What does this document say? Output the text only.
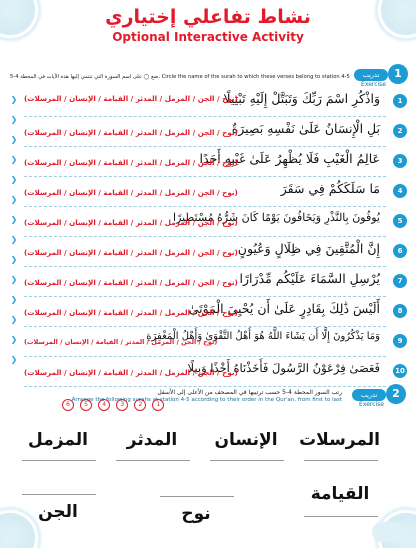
نشاط تفاعلي إختياري
Optional Interactive Activity
تدريب	1
Exercise
Circle the name of the surah to which these verses belong to station 4-5 ،ضع ◯ على اسم السورة التي تنتمي إليها هذه الآيات في المحطة 4-5
❯
❯
❯
❯
❯
❯
❯
❯
❯
❯
❯
❯
❯
❯
1
وَاذْكُرِ اسْمَ رَبِّكَ وَتَبَتَّلْ إِلَيْهِ تَبْتِيلًا
(نوح / الجن / المزمل / المدثر / القيامة / الإنسان / المرسلات)
2
بَلِ الْإِنسَانُ عَلَىٰ نَفْسِهِ بَصِيرَةٌ
(نوح / الجن / المزمل / المدثر / القيامة / الإنسان / المرسلات)
3
عَالِمُ الْغَيْبِ فَلَا يُظْهِرُ عَلَىٰ غَيْبِهِ أَحَدًا
(نوح / الجن / المزمل / المدثر / القيامة / الإنسان / المرسلات)
4
مَا سَلَكَكُمْ فِي سَقَرَ
(نوح / الجن / المزمل / المدثر / القيامة / الإنسان / المرسلات)
5
يُوفُونَ بِالنَّذْرِ وَيَخَافُونَ يَوْمًا كَانَ شَرُّهُ مُسْتَطِيرًا
(نوح / الجن / المزمل / المدثر / القيامة / الإنسان / المرسلات)
6
إِنَّ الْمُتَّقِينَ فِي ظِلَالٍ وَعُيُونٍ
(نوح / الجن / المزمل / المدثر / القيامة / الإنسان / المرسلات)
7
يُرْسِلِ السَّمَاءَ عَلَيْكُم مِّدْرَارًا
(نوح / الجن / المزمل / المدثر / القيامة / الإنسان / المرسلات)
8
أَلَيْسَ ذَٰلِكَ بِقَادِرٍ عَلَىٰ أَن يُحْيِيَ الْمَوْتَىٰ
(نوح / الجن / المزمل / المدثر / القيامة / الإنسان / المرسلات)
9
وَمَا يَذْكُرُونَ إِلَّا أَن يَشَاءَ اللَّهُ هُوَ أَهْلُ التَّقْوَىٰ وَأَهْلُ الْمَغْفِرَةِ
(نوح / الجن / المزمل / المدثر / القيامة / الإنسان / المرسلات)
10
فَعَصَىٰ فِرْعَوْنُ الرَّسُولَ فَأَخَذْنَاهُ أَخْذًا وَبِيلًا
(نوح / الجن / المزمل / المدثر / القيامة / الإنسان / المرسلات)
تدريب	2
Exercise
رتب السور المحطة 4-5 حسب ترتيبها في المصحف من الأعلى إلى الأسفل
Arrange the following surahs at station 4-5 according to their order in the Qur'an, from first to last
6 5 4 3 2 1
المرسلات
الإنسان
المدثر
المزمل
القيامة
نوح
الجن
